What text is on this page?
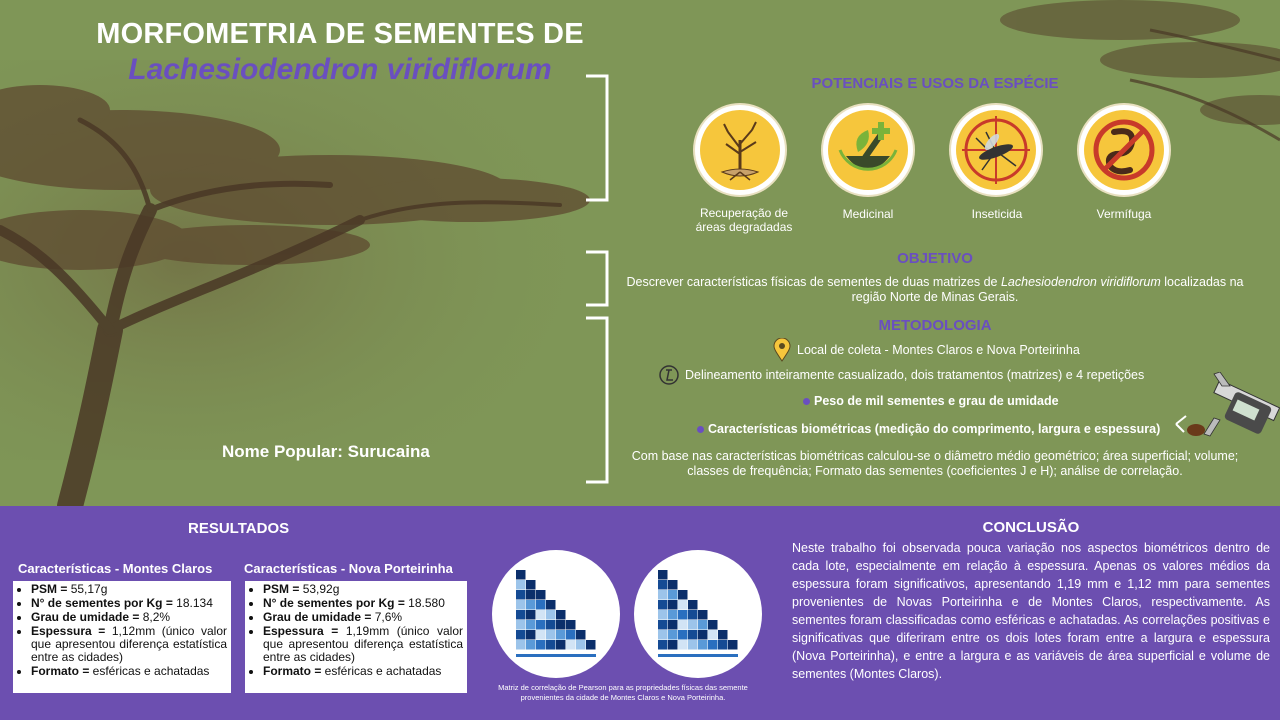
MORFOMETRIA DE SEMENTES DE
Lachesiodendron viridiflorum
Nome Popular: Surucaina
POTENCIAIS E USOS DA ESPÉCIE
Recuperação de áreas degradadas
Medicinal	Inseticida	Vermífuga
OBJETIVO
Descrever características físicas de sementes de duas matrizes de Lachesiodendron viridiflorum localizadas na região Norte de Minas Gerais.
METODOLOGIA
Local de coleta - Montes Claros e Nova Porteirinha
Delineamento inteiramente casualizado, dois tratamentos (matrizes) e 4 repetições
Peso de mil sementes e grau de umidade
Características biométricas (medição do comprimento, largura e espessura)
Com base nas características biométricas calculou-se o diâmetro médio geométrico; área superficial; volume; classes de frequência; Formato das sementes (coeficientes J e H); análise de correlação.
RESULTADOS
Características - Montes Claros Características - Nova Porteirinha
• PSM = 55,17g
• N° de sementes por Kg = 18.134
• Grau de umidade = 8,2%
• Espessura = 1,12mm (único valor que apresentou diferença estatística entre as cidades)
• Formato = esféricas e achatadas
• PSM = 53,92g
• N° de sementes por Kg = 18.580
• Grau de umidade = 7,6%
• Espessura = 1,19mm (único valor que apresentou diferença estatística entre as cidades)
• Formato = esféricas e achatadas
Matriz de correlação de Pearson para as propriedades físicas das semente provenientes da cidade de Montes Claros e Nova Porteirinha.
CONCLUSÃO
Neste trabalho foi observada pouca variação nos aspectos biométricos dentro de cada lote, especialmente em relação à espessura. Apenas os valores médios da espessura foram significativos, apresentando 1,19 mm e 1,12 mm para sementes provenientes de Novas Porteirinha e de Montes Claros, respectivamente. As sementes foram classificadas como esféricas e achatadas. As correlações positivas e significativas que diferiram entre os dois lotes foram entre a largura e espessura (Nova Porteirinha), e entre a largura e as variáveis de área superficial e volume de sementes (Montes Claros).
